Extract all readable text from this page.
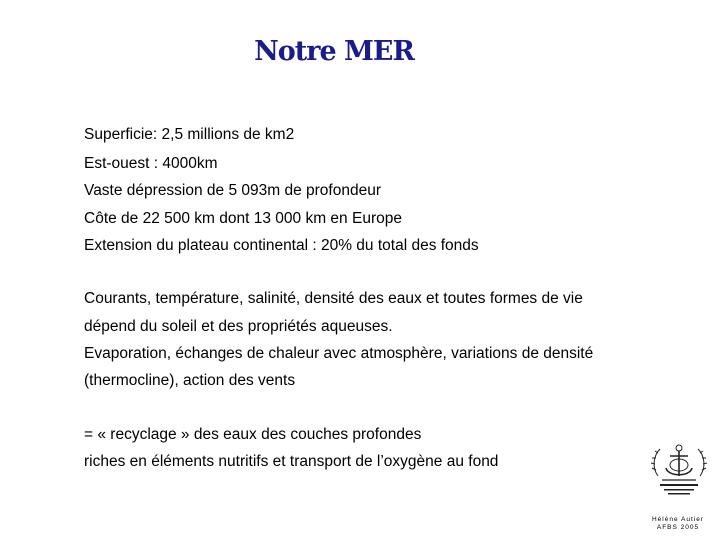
Notre MER
Superficie: 2,5 millions de km2
Est-ouest : 4000km
Vaste dépression de 5 093m de profondeur
Côte de 22 500 km dont 13 000 km en Europe
Extension du plateau continental : 20% du total des fonds
Courants, température, salinité, densité des eaux et toutes formes de vie
dépend du soleil et des propriétés aqueuses.
Evaporation, échanges de chaleur avec atmosphère, variations de densité
(thermocline), action des vents
= « recyclage » des eaux des couches profondes
riches en éléments nutritifs et transport de l’oxygène au fond
Hélène Autier
AFBS 2005
